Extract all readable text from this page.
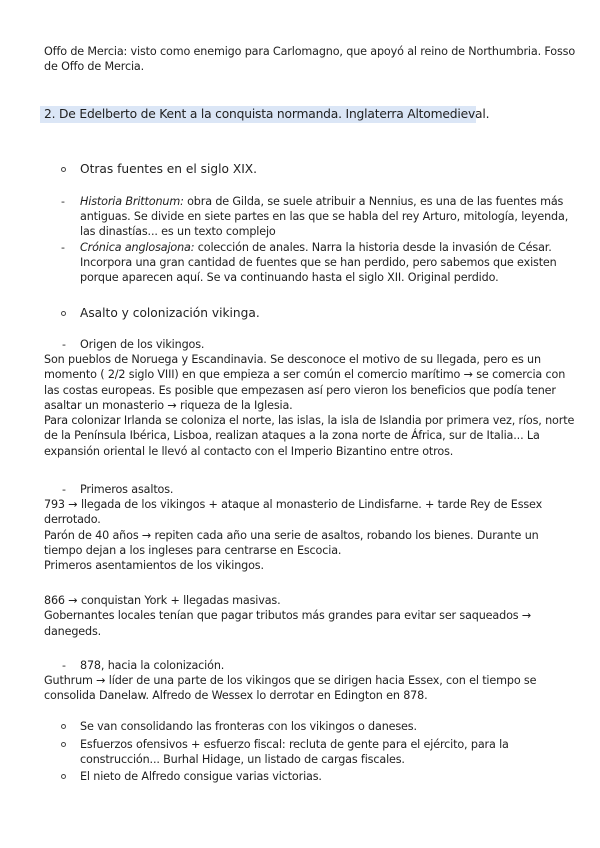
Offo de Mercia: visto como enemigo para Carlomagno, que apoyó al reino de Northumbria. Fosso
de Offo de Mercia.
2. De Edelberto de Kent a la conquista normanda. Inglaterra Altomedieval.
Otras fuentes en el siglo XIX.
- Historia Brittonum: obra de Gilda, se suele atribuir a Nennius, es una de las fuentes más
antiguas. Se divide en siete partes en las que se habla del rey Arturo, mitología, leyenda,
las dinastías... es un texto complejo
- Crónica anglosajona: colección de anales. Narra la historia desde la invasión de César.
Incorpora una gran cantidad de fuentes que se han perdido, pero sabemos que existen
porque aparecen aquí. Se va continuando hasta el siglo XII. Original perdido.
Asalto y colonización vikinga.
- Origen de los vikingos.
Son pueblos de Noruega y Escandinavia. Se desconoce el motivo de su llegada, pero es un
momento ( 2/2 siglo VIII) en que empieza a ser común el comercio marítimo → se comercia con
las costas europeas. Es posible que empezasen así pero vieron los beneficios que podía tener
asaltar un monasterio → riqueza de la Iglesia.
Para colonizar Irlanda se coloniza el norte, las islas, la isla de Islandia por primera vez, ríos, norte
de la Península Ibérica, Lisboa, realizan ataques a la zona norte de África, sur de Italia... La
expansión oriental le llevó al contacto con el Imperio Bizantino entre otros.
- Primeros asaltos.
793 → llegada de los vikingos + ataque al monasterio de Lindisfarne. + tarde Rey de Essex
derrotado.
Parón de 40 años → repiten cada año una serie de asaltos, robando los bienes. Durante un
tiempo dejan a los ingleses para centrarse en Escocia.
Primeros asentamientos de los vikingos.
866 → conquistan York + llegadas masivas.
Gobernantes locales tenían que pagar tributos más grandes para evitar ser saqueados →
danegeds.
- 878, hacia la colonización.
Guthrum → líder de una parte de los vikingos que se dirigen hacia Essex, con el tiempo se
consolida Danelaw. Alfredo de Wessex lo derrotar en Edington en 878.
Se van consolidando las fronteras con los vikingos o daneses.
Esfuerzos ofensivos + esfuerzo fiscal: recluta de gente para el ejército, para la
construcción... Burhal Hidage, un listado de cargas fiscales.
El nieto de Alfredo consigue varias victorias.
